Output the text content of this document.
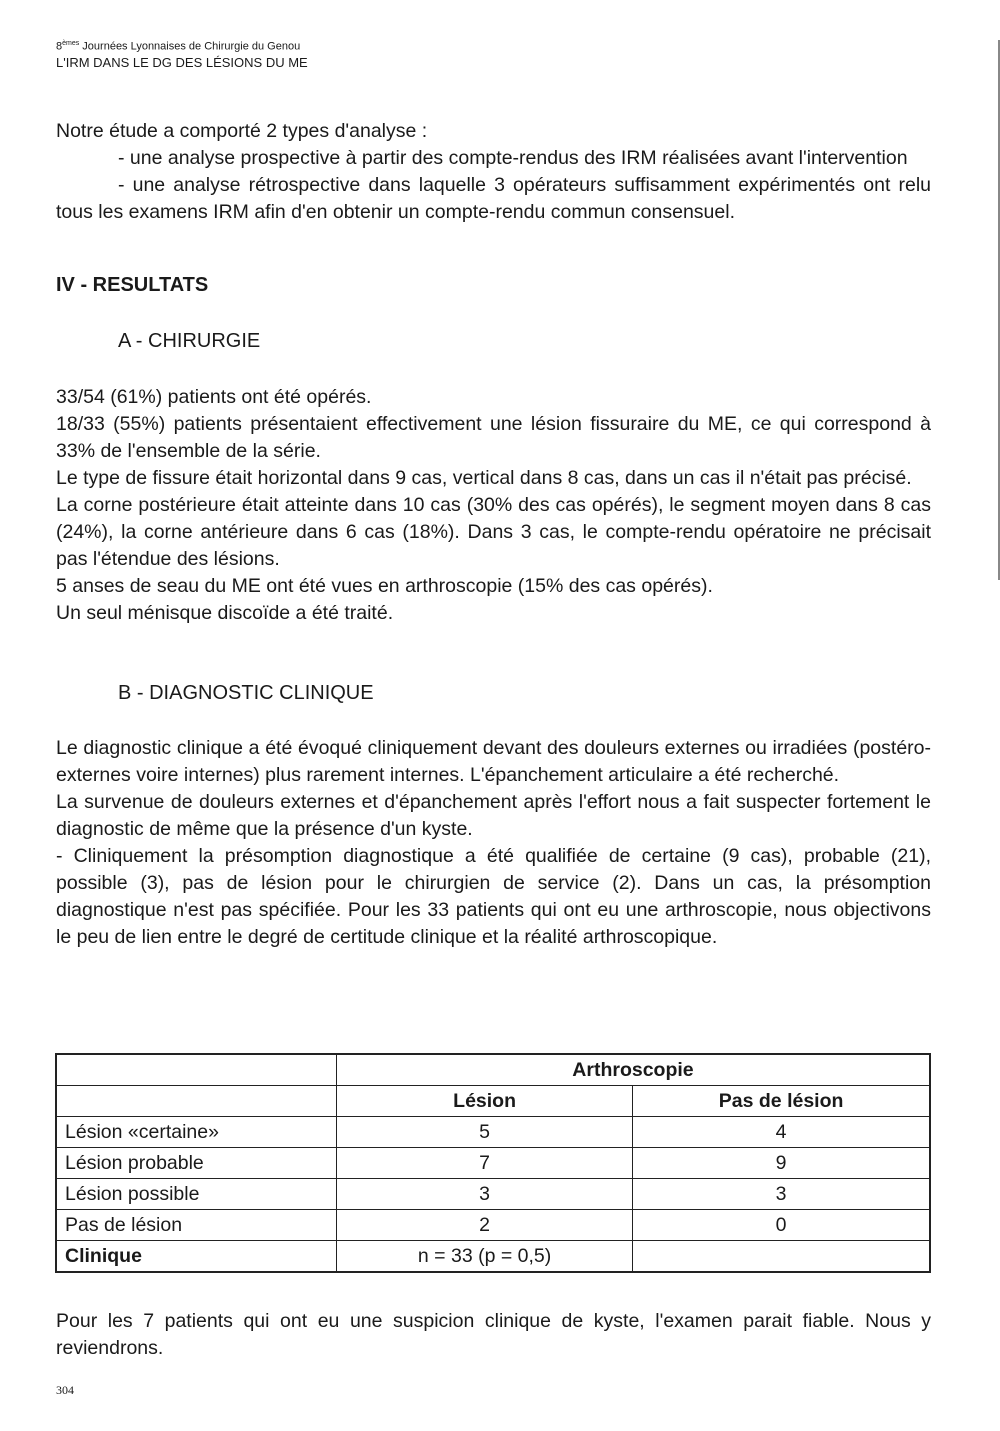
8èmes Journées Lyonnaises de Chirurgie du Genou
L'IRM DANS LE DG DES LÉSIONS DU ME

Notre étude a comporté 2 types d'analyse :

- une analyse prospective à partir des compte-rendus des IRM réalisées avant l'intervention

- une analyse rétrospective dans laquelle 3 opérateurs suffisamment expérimentés ont relu tous les examens IRM afin d'en obtenir un compte-rendu commun consensuel.

IV - RESULTATS
A - CHIRURGIE

33/54 (61%) patients ont été opérés.

18/33 (55%) patients présentaient effectivement une lésion fissuraire du ME, ce qui correspond à 33% de l'ensemble de la série.

Le type de fissure était horizontal dans 9 cas, vertical dans 8 cas, dans un cas il n'était pas précisé.

La corne postérieure était atteinte dans 10 cas (30% des cas opérés), le segment moyen dans 8 cas (24%), la corne antérieure dans 6 cas (18%). Dans 3 cas, le compte-rendu opératoire ne précisait pas l'étendue des lésions.

5 anses de seau du ME ont été vues en arthroscopie (15% des cas opérés).

Un seul ménisque discoïde a été traité.

B - DIAGNOSTIC CLINIQUE

Le diagnostic clinique a été évoqué cliniquement devant des douleurs externes ou irradiées (postéro-externes voire internes) plus rarement internes. L'épanchement articulaire a été recherché.

La survenue de douleurs externes et d'épanchement après l'effort nous a fait suspecter fortement le diagnostic de même que la présence d'un kyste.

- Cliniquement la présomption diagnostique a été qualifiée de certaine (9 cas), probable (21), possible (3), pas de lésion pour le chirurgien de service (2). Dans un cas, la présomption diagnostique n'est pas spécifiée. Pour les 33 patients qui ont eu une arthroscopie, nous objectivons le peu de lien entre le degré de certitude clinique et la réalité arthroscopique.

	Arthroscopie	
	Lésion	Pas de lésion
Lésion «certaine»	5	4
Lésion probable	7	9
Lésion possible	3	3
Pas de lésion	2	0
Clinique	n = 33 (p = 0,5)	

Pour les 7 patients qui ont eu une suspicion clinique de kyste, l'examen parait fiable. Nous y reviendrons.

304
